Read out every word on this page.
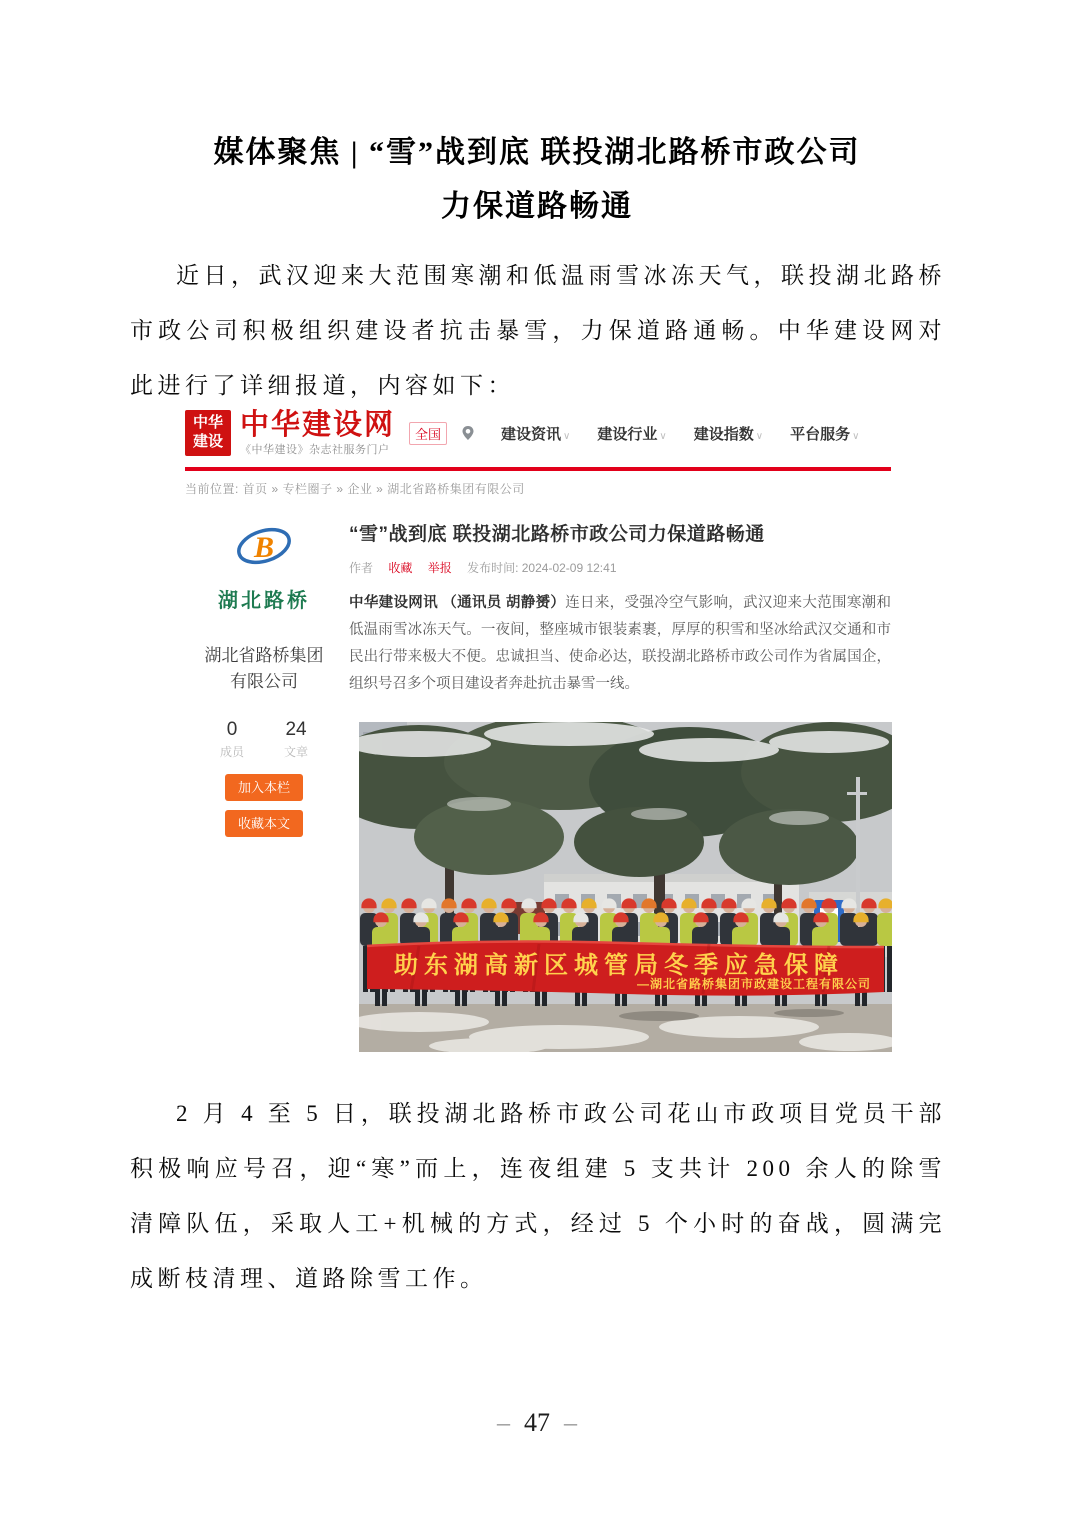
媒体聚焦 | “雪”战到底 联投湖北路桥市政公司
力保道路畅通

近日，武汉迎来大范围寒潮和低温雨雪冰冻天气，联投湖北路桥市政公司积极组织建设者抗击暴雪，力保道路通畅。中华建设网对此进行了详细报道，内容如下：

中华
建设
中华建设网
《中华建设》杂志社服务门户
全国	建设资讯 ∨ 建设行业 ∨ 建设指数 ∨ 平台服务 ∨
当前位置: 首页 » 专栏圈子 » 企业 » 湖北省路桥集团有限公司
B
湖北路桥
湖北省路桥集团有限公司
0
成员
24
文章
加入本栏
收藏本文
“雪”战到底 联投湖北路桥市政公司力保道路畅通
作者 收藏 举报 发布时间: 2024-02-09 12:41

中华建设网讯 （通讯员 胡静赟）连日来，受强冷空气影响，武汉迎来大范围寒潮和低温雨雪冰冻天气。一夜间，整座城市银装素裹，厚厚的积雪和坚冰给武汉交通和市民出行带来极大不便。忠诚担当、使命必达，联投湖北路桥市政公司作为省属国企，组织号召多个项目建设者奔赴抗击暴雪一线。

助东湖高新区城管局冬季应急保障
—湖北省路桥集团市政建设工程有限公司

2 月 4 至 5 日，联投湖北路桥市政公司花山市政项目党员干部积极响应号召，迎“寒”而上，连夜组建 5 支共计 200 余人的除雪清障队伍，采取人工+机械的方式，经过 5 个小时的奋战，圆满完成断枝清理、道路除雪工作。

– 47 –
